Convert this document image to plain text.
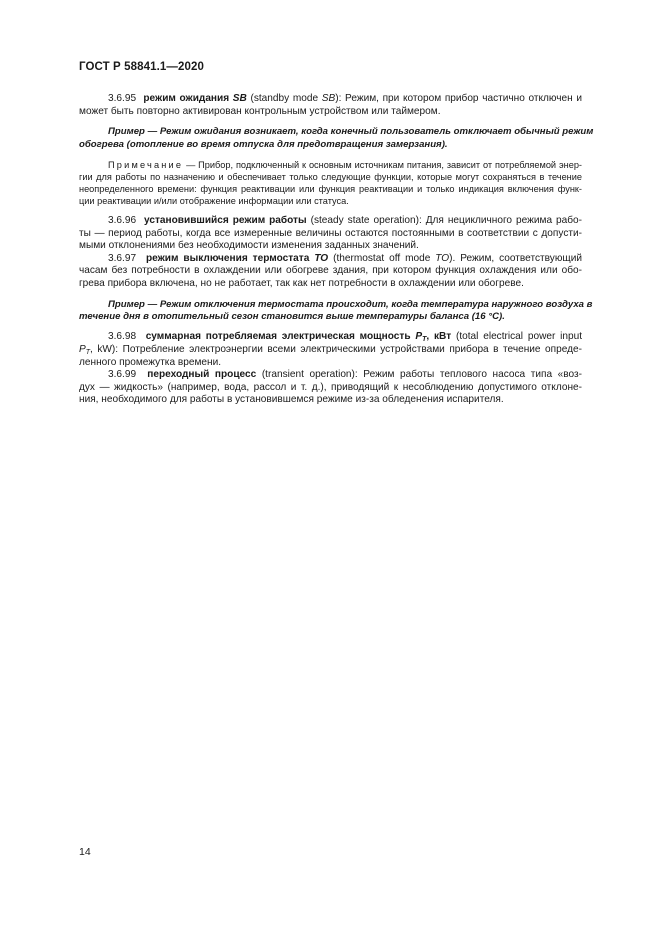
ГОСТ Р 58841.1—2020
3.6.95 режим ожидания SB (standby mode SB): Режим, при котором прибор частично отключен и
может быть повторно активирован контрольным устройством или таймером.
Пример — Режим ожидания возникает, когда конечный пользователь отключает обычный режим
обогрева (отопление во время отпуска для предотвращения замерзания).
Примечание — Прибор, подключенный к основным источникам питания, зависит от потребляемой энер-
гии для работы по назначению и обеспечивает только следующие функции, которые могут сохраняться в течение
неопределенного времени: функция реактивации или функция реактивации и только индикация включения функ-
ции реактивации и/или отображение информации или статуса.
3.6.96 установившийся режим работы (steady state operation): Для нецикличного режима рабо-
ты — период работы, когда все измеренные величины остаются постоянными в соответствии с допусти-
мыми отклонениями без необходимости изменения заданных значений.
3.6.97 режим выключения термостата TO (thermostat off mode TO). Режим, соответствующий
часам без потребности в охлаждении или обогреве здания, при котором функция охлаждения или обо-
грева прибора включена, но не работает, так как нет потребности в охлаждении или обогреве.
Пример — Режим отключения термостата происходит, когда температура наружного воздуха в
течение дня в отопительный сезон становится выше температуры баланса (16 °С).
3.6.98 суммарная потребляемая электрическая мощность $P_T$, кВт (total electrical power input
$P_T$, kW): Потребление электроэнергии всеми электрическими устройствами прибора в течение опреде-
ленного промежутка времени.
3.6.99 переходный процесс (transient operation): Режим работы теплового насоса типа «воз-
дух — жидкость» (например, вода, рассол и т. д.), приводящий к несоблюдению допустимого отклоне-
ния, необходимого для работы в установившемся режиме из-за обледенения испарителя.
14
